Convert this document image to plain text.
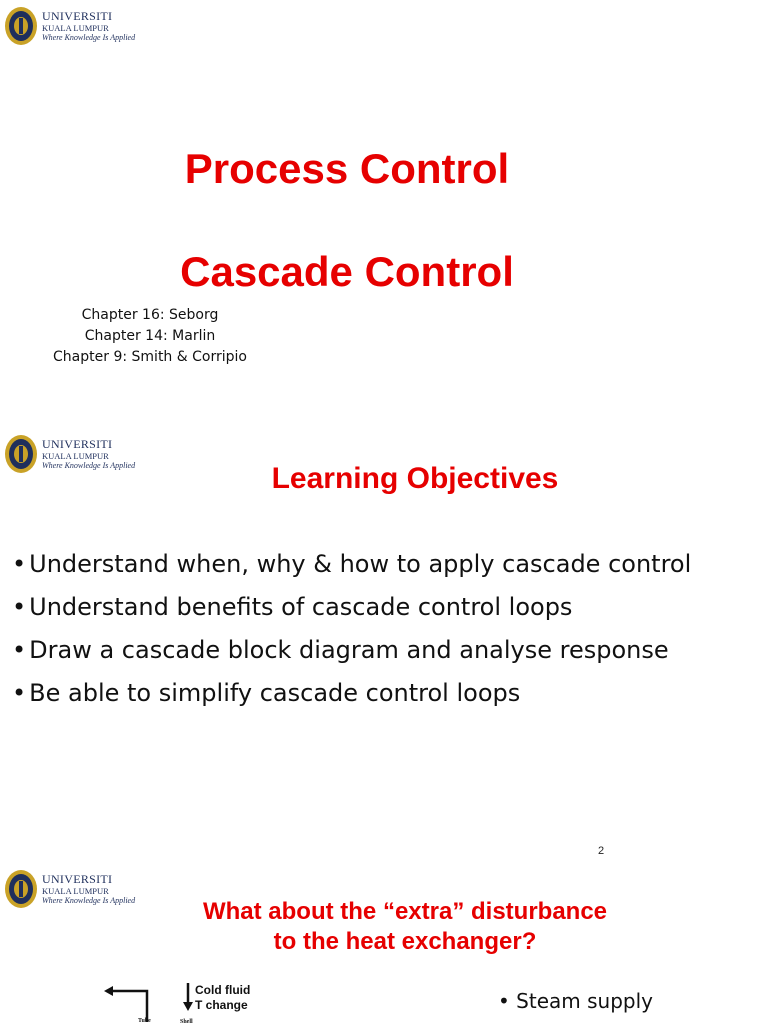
UNIVERSITI
KUALA LUMPUR
Where Knowledge Is Applied
Process Control
Cascade Control
Chapter 16: Seborg
Chapter 14: Marlin
Chapter 9: Smith & Corripio
UNIVERSITI
KUALA LUMPUR
Where Knowledge Is Applied	Learning Objectives
• Understand when, why & how to apply cascade control
• Understand benefits of cascade control loops
• Draw a cascade block diagram and analyse response
• Be able to simplify cascade control loops
2
UNIVERSITI
KUALA LUMPUR
Where Knowledge Is Applied	What about the “extra” disturbance
to the heat exchanger?
Tube	Shell
Cold fluid
T change	• Steam supply
